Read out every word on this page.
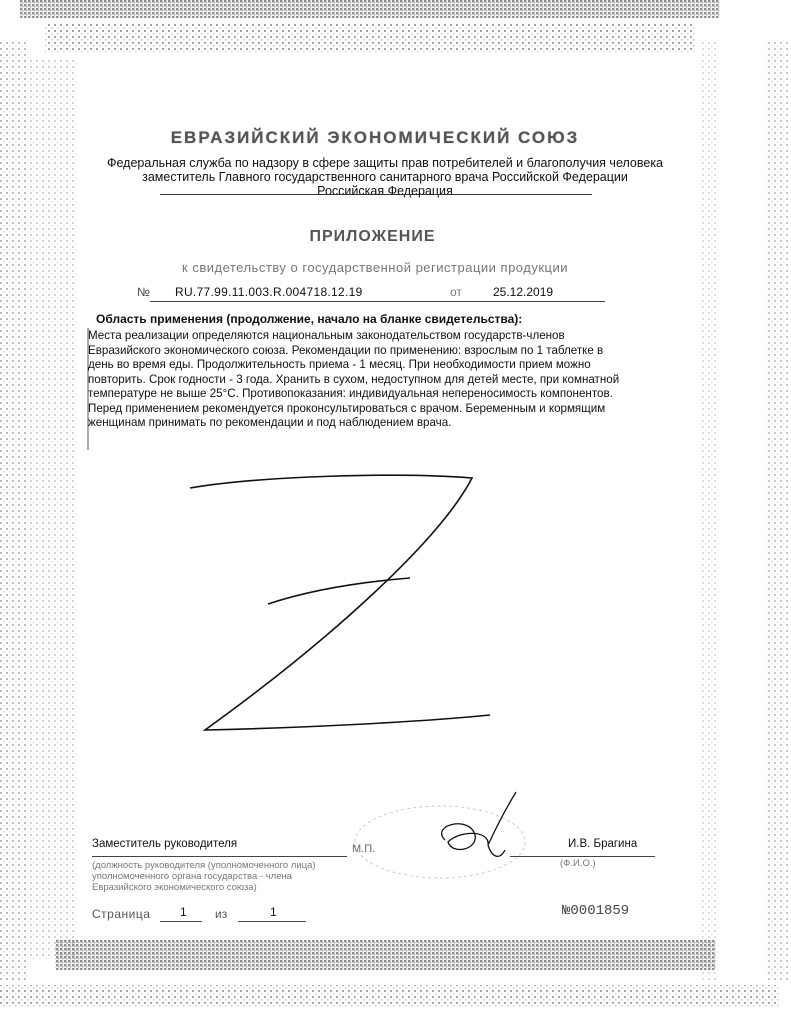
ЕВРАЗИЙСКИЙ ЭКОНОМИЧЕСКИЙ СОЮЗ
Федеральная служба по надзору в сфере защиты прав потребителей и благополучия человека
заместитель Главного государственного санитарного врача Российской Федерации
Российская Федерация
ПРИЛОЖЕНИЕ
к свидетельству о государственной регистрации продукции
№ RU.77.99.11.003.R.004718.12.19	от	25.12.2019
Область применения (продолжение, начало на бланке свидетельства):
Места реализации определяются национальным законодательством государств-членов
Евразийского экономического союза. Рекомендации по применению: взрослым по 1 таблетке в
день во время еды. Продолжительность приема - 1 месяц. При необходимости прием можно
повторить. Срок годности - 3 года. Хранить в сухом, недоступном для детей месте, при комнатной
температуре не выше 25°С. Противопоказания: индивидуальная непереносимость компонентов.
Перед применением рекомендуется проконсультироваться с врачом. Беременным и кормящим
женщинам принимать по рекомендации и под наблюдением врача.
Заместитель руководителя	М.П.	И.В. Брагина
(должность руководителя (уполномоченного лица) уполномоченного органа государства - члена Евразийского экономического союза)
(Ф.И.О.)
Страница 1 из	1	№0001859
